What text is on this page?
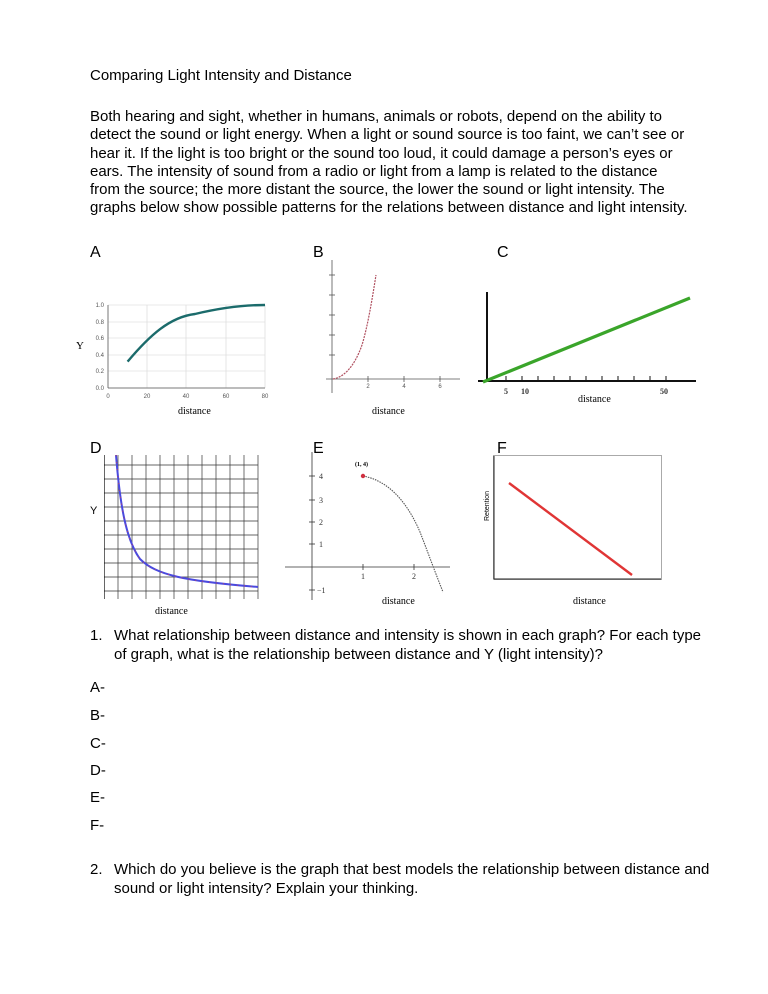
Comparing Light Intensity and Distance
Both hearing and sight, whether in humans, animals or robots, depend on the ability to detect the sound or light energy. When a light or sound source is too faint, we can’t see or hear it. If the light is too bright or the sound too loud, it could damage a person’s eyes or ears. The intensity of sound from a radio or light from a lamp is related to the distance from the source; the more distant the source, the lower the sound or light intensity. The graphs below show possible patterns for the relations between distance and light intensity.
A	B	C
D	E	F
1.0
0.8
0.6
0.4
0.2
0.0
0	20	40	60	80
Y
distance
2	4	6
distance
5 10	50
distance
Y
distance
4
3
2
1
−1
1	2
(1, 4)
distance
Retention
distance
1. What relationship between distance and intensity is shown in each graph? For each type of graph, what is the relationship between distance and Y (light intensity)?
A-
B-
C-
D-
E-
F-
2. Which do you believe is the graph that best models the relationship between distance and sound or light intensity? Explain your thinking.
